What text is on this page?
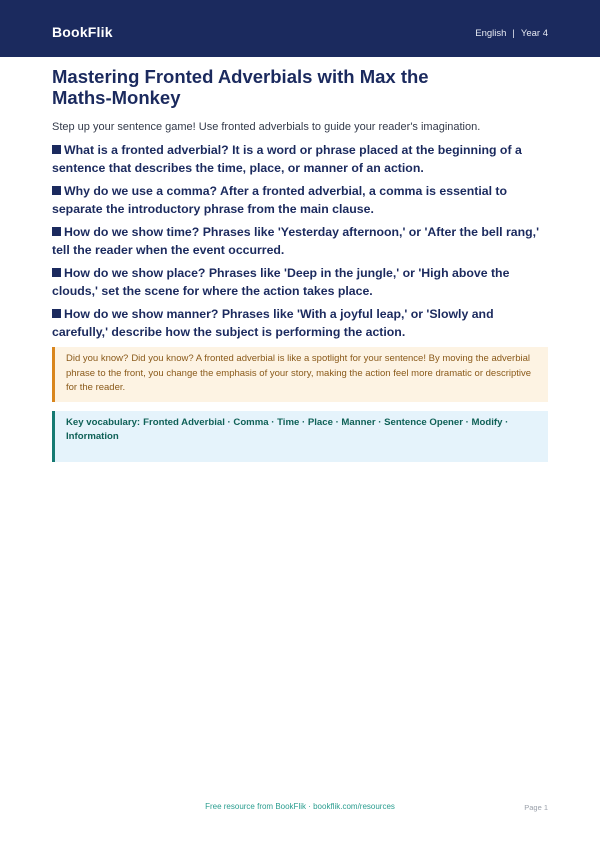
BookFlik	English | Year 4
Mastering Fronted Adverbials with Max the Maths-Monkey
Step up your sentence game! Use fronted adverbials to guide your reader's imagination.
What is a fronted adverbial? It is a word or phrase placed at the beginning of a sentence that describes the time, place, or manner of an action.
Why do we use a comma? After a fronted adverbial, a comma is essential to separate the introductory phrase from the main clause.
How do we show time? Phrases like 'Yesterday afternoon,' or 'After the bell rang,' tell the reader when the event occurred.
How do we show place? Phrases like 'Deep in the jungle,' or 'High above the clouds,' set the scene for where the action takes place.
How do we show manner? Phrases like 'With a joyful leap,' or 'Slowly and carefully,' describe how the subject is performing the action.
Did you know? Did you know? A fronted adverbial is like a spotlight for your sentence! By moving the adverbial phrase to the front, you change the emphasis of your story, making the action feel more dramatic or descriptive for the reader.
Key vocabulary: Fronted Adverbial · Comma · Time · Place · Manner · Sentence Opener · Modify · Information
Free resource from BookFlik · bookflik.com/resources	Page 1
